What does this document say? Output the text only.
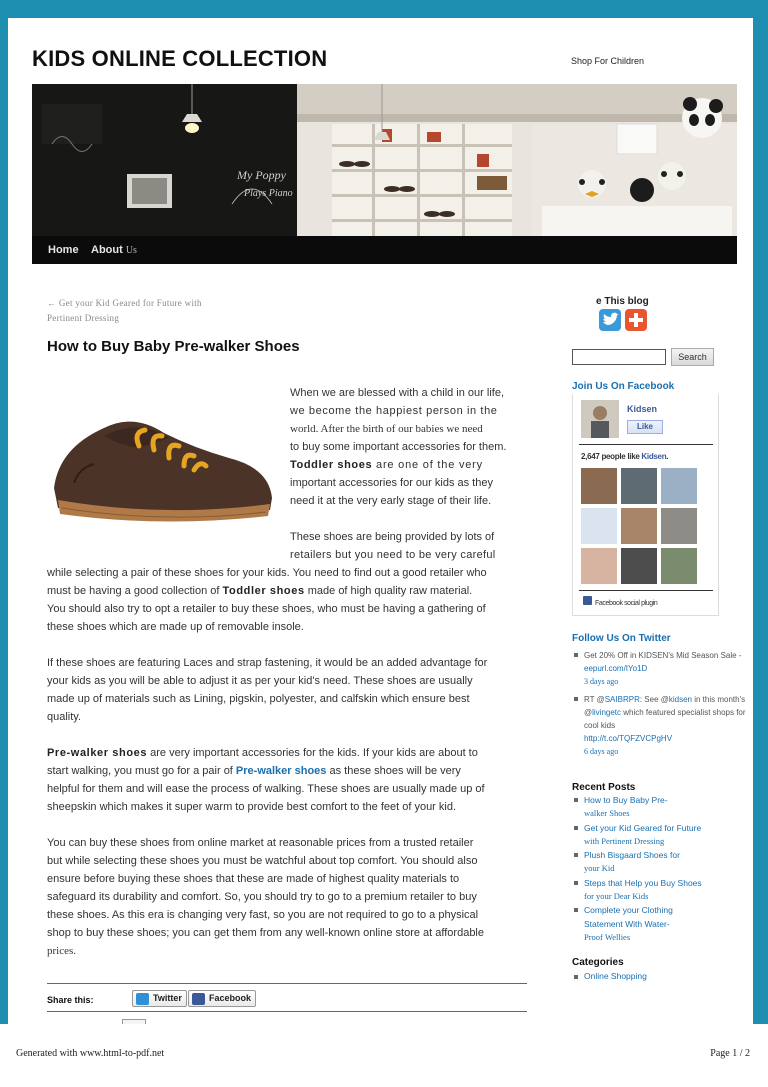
KIDS ONLINE COLLECTION	Shop For Children
My Poppy
Plays Piano
Home About Us
← Get your Kid Geared for Future with
Pertinent Dressing
How to Buy Baby Pre-walker Shoes
When we are blessed with a child in our life,
we become the happiest person in the
world. After the birth of our babies we need
to buy some important accessories for them.
Toddler shoes are one of the very
important accessories for our kids as they
need it at the very early stage of their life.
These shoes are being provided by lots of
retailers but you need to be very careful
while selecting a pair of these shoes for your kids. You need to find out a good retailer who
must be having a good collection of Toddler shoes made of high quality raw material.
You should also try to opt a retailer to buy these shoes, who must be having a gathering of
these shoes which are made up of removable insole.
If these shoes are featuring Laces and strap fastening, it would be an added advantage for
your kids as you will be able to adjust it as per your kid's need. These shoes are usually
made up of materials such as Lining, pigskin, polyester, and calfskin which ensure best
quality.
Pre-walker shoes are very important accessories for the kids. If your kids are about to
start walking, you must go for a pair of Pre-walker shoes as these shoes will be very
helpful for them and will ease the process of walking. These shoes are usually made up of
sheepskin which makes it super warm to provide best comfort to the feet of your kid.
You can buy these shoes from online market at reasonable prices from a trusted retailer
but while selecting these shoes you must be watchful about top comfort. You should also
ensure before buying these shoes that these are made of highest quality materials to
safeguard its durability and comfort. So, you should try to go to a premium retailer to buy
these shoes. As this era is changing very fast, so you are not required to go to a physical
shop to buy these shoes; you can get them from any well-known online store at affordable
prices.
Share this:	Twitter	Facebook
e This blog
Search
Join Us On Facebook
Kidsen
Like
2,647 people like Kidsen.
Facebook social plugin
Follow Us On Twitter
Get 20% Off in KIDSEN's Mid Season Sale - eepurl.com/IYo1D
3 days ago
RT @SAIBRPR: See @kidsen in this month's @livingetc which featured specialist shops for cool kids
http://t.co/TQFZVCPgHV
6 days ago
Recent Posts
How to Buy Baby Pre-
walker Shoes
Get your Kid Geared for Future
with Pertinent Dressing
Plush Bisgaard Shoes for
your Kid
Steps that Help you Buy Shoes
for your Dear Kids
Complete your Clothing
Statement With Water-
Proof Wellies
Categories
Online Shopping
Generated with www.html-to-pdf.net	Page 1 / 2
